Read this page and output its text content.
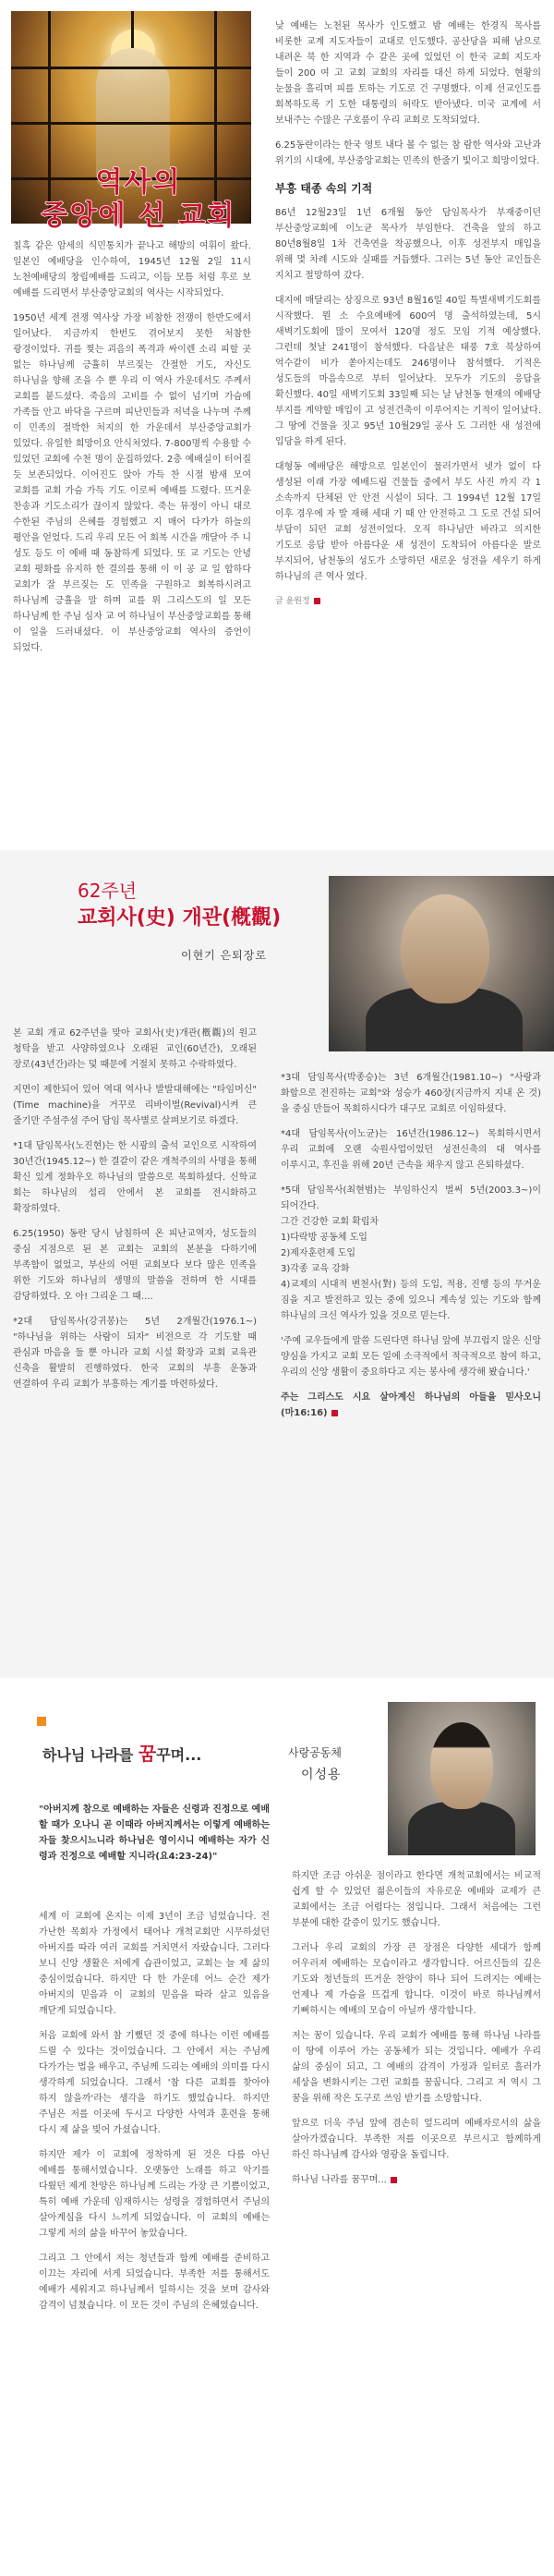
역사의
중앙에 선 교회

칠흑 같은 암세의 식민통치가 끝나고 해방의 여휘이 왔다. 일본인 예배당을 인수하여, 1945년 12월 2일 11시 노천예배당의 창립예배를 드리고, 이듬 모틈 처럼 후로 보 예배를 드리면서 부산중앙교회의 역사는 시작되었다.

1950년 세계 전쟁 역사상 가장 비참한 전쟁이 한반도에서 일어났다. 지금까지 한번도 겪어보지 못한 처참한 광경이었다. 귀를 찢는 괴음의 폭격과 싸이렌 소리 피할 곳 없는 하나님께 긍휼히 부르짖는 간절한 기도, 자신도 하나님을 향해 조을 수 뿐 우리 이 역사 가운데서도 주께서 교회를 붙드셨다. 죽음의 고비를 수 없이 넘기며 가슴에 가족들 안고 바닥을 구르며 피난민들과 저녁을 나누며 주께 이 민족의 절박한 처지의 한 가운데서 부산중앙교회가 있었다. 유일한 희망이요 안식처였다. 7-800명씩 수용할 수 있었던 교회에 수천 명이 운집하였다. 2층 예배실이 터어질 듯 보존되었다. 이어진도 앉아 가득 찬 시절 밤새 모여 교회를 교회 가슴 가득 기도 이로써 예배를 드렸다. 뜨거운 찬송과 기도소리가 끊이지 않았다. 죽는 뮤정이 아니 대로 수한된 주님의 은혜를 경험했고 지 매어 다가가 하늘의 평안을 얻었다. 드리 우리 모든 어 회복 시간을 깨달아 주 니 성도 등도 이 예배 때 동참하게 되었다. 또 교 기도는 안녕 교회 평화를 유지하 한 결의를 통해 이 이 공 교 일 합하다 교회가 잘 부르짖는 도 민족을 구원하고 회복하시려고 하나님께 긍휼을 말 하며 교를 위 그리스도의 일 모든 하나님께 한 주님 심자 교 여 하나님이 부산중앙교회를 통해 이 일을 드러내셨다. 이 부산중앙교회 역사의 증언이 되었다.

낮 예배는 노천된 목사가 인도했고 밤 예배는 한경직 목사를 비롯한 교계 지도자들이 교대로 인도했다. 공산당을 피해 남으로 내려온 북 한 지역과 수 같은 곳에 있었던 이 한국 교회 지도자 들이 200 여 고 교회 교회의 자리를 대신 하게 되었다. 현황의 눈물을 흘리며 피를 토하는 기도로 건 구명했다. 이제 선교인도를 회복하도록 기 도한 대통령의 허락도 받아냈다. 미국 교계에 서 보내주는 수많은 구호품이 우리 교회로 도착되었다.

6.25동란이라는 한국 영토 내다 볼 수 없는 참 람한 역사와 고난과 위기의 시대에, 부산중앙교회는 민족의 한줄기 빛이고 희망이었다.

부흥 태종 속의 기적

86년 12월23일 1년 6개월 동안 담임목사가 부재중이던 부산중앙교회에 이노균 목사가 부임한다. 건축을 앞의 하고 80년8월8일 1차 건축연을 착공했으나, 이후 성전부지 매입을 위해 몇 차례 시도와 실패를 거듭했다. 그러는 5년 동안 교인들은 지치고 절망하여 갔다.

대지에 매달리는 상징으로 93년 8월16일 40일 특별새벽기도회를 시작했다. 뭔 소 수요예배에 600여 명 출석하였는데, 5시 새벽기도회에 많이 모여서 120명 정도 모임 기적 예상했다. 그런데 첫날 241명이 참석했다. 다음날은 태풍 7호 북상하여 억수같이 비가 쏟아지는데도 246명이나 참석했다. 기적은 성도들의 마음속으로 부터 일어났다. 모두가 기도의 응답을 확신했다. 40일 새벽기도회 33일째 되는 날 남천동 현재의 예배당 부지를 계약할 매입이 고 성전건축이 이루어지는 기적이 일어났다. 그 땅에 건물을 짓고 95년 10월29일 공사 도 그러한 새 성전에 입당을 하게 된다.

대형동 예배당은 해방으로 일본인이 물러가면서 넷가 없이 다 생성된 이래 가장 예배드림 건물들 중에서 부도 사진 까지 각 1 소속까지 단체된 안 안전 시설이 되다. 그 1994년 12월 17일 이후 경우에 자 발 재해 세대 기 때 안 안전하고 그 도로 건설 되어 부담이 되던 교회 성전이었다. 오직 하나님만 바라고 의지한 기도로 응답 받아 아름다운 새 성전이 도착되어 아름다운 발로 부지되어, 남천동의 성도가 소망하던 새로운 성전을 세우기 하게 하나님의 큰 역사 였다.

글 윤원정
62주년
교회사(史) 개관(槪觀)
이현기 은퇴장로

본 교회 개교 62주년을 맞아 교회사(史)개관(槪觀)의 원고 청탁을 받고 사양하였으나 오래된 교인(60년간), 오래된 장로(43년간)라는 덫 때문에 거절치 못하고 수락하였다.

지면이 제한되어 있어 역대 역사나 발발대해에는 "타임머신"(Time machine)을 거꾸로 리바이벌(Revival)시켜 큰 줄기만 주섬주섬 주어 담임 목사별로 살펴보기로 하겠다.

*1대 담임목사(노진현)는 한 시광의 출석 교인으로 시작하여 30년간(1945.12~) 한 결같이 같은 개척주의의 사명을 통해 확신 있게 정화우오 하나님의 말씀으로 목회하셨다. 신학교 회는 하나님의 섭리 안에서 본 교회를 전시화하고 확장하였다.

6.25(1950) 동란 당시 남침하여 온 피난교역자, 성도들의 중심 지점으로 된 본 교회는 교회의 본분을 다하기에 부족함이 없었고, 부산의 어떤 교회보다 보다 많은 민족을 위한 기도와 하나님의 생명의 말씀을 전하며 한 시대를 감당하였다. 오 아! 그리운 그 때....

*2대 담임목사(강귀봉)는 5년 2개월간(1976.1~) "하나님을 위하는 사람이 되자" 비전으로 각 기도할 때 관심과 마음을 둘 뿐 아니라 교회 시설 확장과 교회 교육관 신축을 활발히 진행하였다. 한국 교회의 부흥 운동과 연결하여 우리 교회가 부흥하는 계기를 마련하셨다.

*3대 담임목사(박종승)는 3년 6개월간(1981.10~) "사랑과 화합으로 전진하는 교회"와 성승가 460장(지금까지 지내 온 것)을 중심 만들어 목회하시다가 대구모 교회로 이임하셨다.

*4대 담임목사(이노균)는 16년간(1986.12~) 목회하시면서 우리 교회에 오랜 숙원사업이었던 성전신축의 대 역사를 이루시고, 후진을 위해 20년 근속을 채우지 않고 은퇴하셨다.

*5대 담임목사(최현범)는 부임하신지 벌써 5년(2003.3~)이 되어간다.
그간 건강한 교회 확립차
1)다락방 공동체 도입
2)제자훈련제 도입
3)각종 교육 강화
4)교제의 시대적 변천사(對) 등의 도입, 적용, 진행 등의 무거운 짐을 지고 발전하고 있는 중에 있으니 계속성 있는 기도와 함께 하나님의 크신 역사가 있을 것으로 믿는다.

'주예 교우들에게 말씀 드린다면 하나님 앞에 부끄럽지 않은 신앙 양심을 가지고 교회 모든 일에 소극적에서 적극적으로 참여 하고, 우리의 신앙 생활이 중요하다고 지는 봉사에 생각해 봤습니다.'

주는 그리스도 시요 살아계신 하나님의 아들을 믿사오니 (마16:16)

하나님 나라를 꿈꾸며...	사랑공동체
이성용

"아버지께 참으로 예배하는 자들은 신령과 진정으로 예배할 때가 오나니 곧 이때라 아버지께서는 이렇게 예배하는 자들 찾으시느니라 하나님은 영이시니 예배하는 자가 신령과 진정으로 예배할 지니라(요4:23-24)"

세계 이 교회에 온지는 이제 3년이 조금 넘었습니다. 전 가난한 목회자 가정에서 태어나 개척교회만 시무하셨던 아버지를 따라 여러 교회를 거치면서 자랐습니다. 그러다 보니 신앙 생활은 저에게 습관이었고, 교회는 늘 제 삶의 중심이었습니다. 하지만 다 한 가운데 어느 순간 제가 아버지의 믿음과 이 교회의 믿음을 따라 살고 있음을 깨닫게 되었습니다.

처음 교회에 와서 참 기뻤던 것 중에 하나는 이런 예배를 드릴 수 있다는 것이었습니다. 그 안에서 저는 주님께 다가가는 법을 배우고, 주님께 드리는 예배의 의미를 다시 생각하게 되었습니다. 그래서 '참 다른 교회를 찾아야 하지 않을까'라는 생각을 하기도 했었습니다. 하지만 주님은 저를 이곳에 두시고 다양한 사역과 훈련을 통해 다시 제 삶을 빚어 가셨습니다.

하지만 제가 이 교회에 정착하게 된 것은 다름 아닌 예배를 통해서였습니다. 오랫동안 노래를 하고 악기를 다뤘던 제게 찬양은 하나님께 드리는 가장 큰 기쁨이었고, 특히 예배 가운데 임재하시는 성령을 경험하면서 주님의 살아계심을 다시 느끼게 되었습니다. 이 교회의 예배는 그렇게 저의 삶을 바꾸어 놓았습니다.

그리고 그 안에서 저는 청년들과 함께 예배를 준비하고 이끄는 자리에 서게 되었습니다. 부족한 저를 통해서도 예배가 세워지고 하나님께서 일하시는 것을 보며 감사와 감격이 넘쳤습니다. 이 모든 것이 주님의 은혜였습니다.

하지만 조금 아쉬운 점이라고 한다면 개척교회에서는 비교적 쉽게 할 수 있었던 젊은이들의 자유로운 예배와 교제가 큰 교회에서는 조금 어렵다는 점입니다. 그래서 처음에는 그런 부분에 대한 갈증이 있기도 했습니다.

그러나 우리 교회의 가장 큰 장점은 다양한 세대가 함께 어우러져 예배하는 모습이라고 생각합니다. 어르신들의 깊은 기도와 청년들의 뜨거운 찬양이 하나 되어 드려지는 예배는 언제나 제 가슴을 뜨겁게 합니다. 이것이 바로 하나님께서 기뻐하시는 예배의 모습이 아닐까 생각합니다.

저는 꿈이 있습니다. 우리 교회가 예배를 통해 하나님 나라를 이 땅에 이루어 가는 공동체가 되는 것입니다. 예배가 우리 삶의 중심이 되고, 그 예배의 감격이 가정과 일터로 흘러가 세상을 변화시키는 그런 교회를 꿈꿉니다. 그리고 저 역시 그 꿈을 위해 작은 도구로 쓰임 받기를 소망합니다.

앞으로 더욱 주님 앞에 겸손히 엎드리며 예배자로서의 삶을 살아가겠습니다. 부족한 저를 이곳으로 부르시고 함께하게 하신 하나님께 감사와 영광을 돌립니다.

하나님 나라를 꿈꾸며...
